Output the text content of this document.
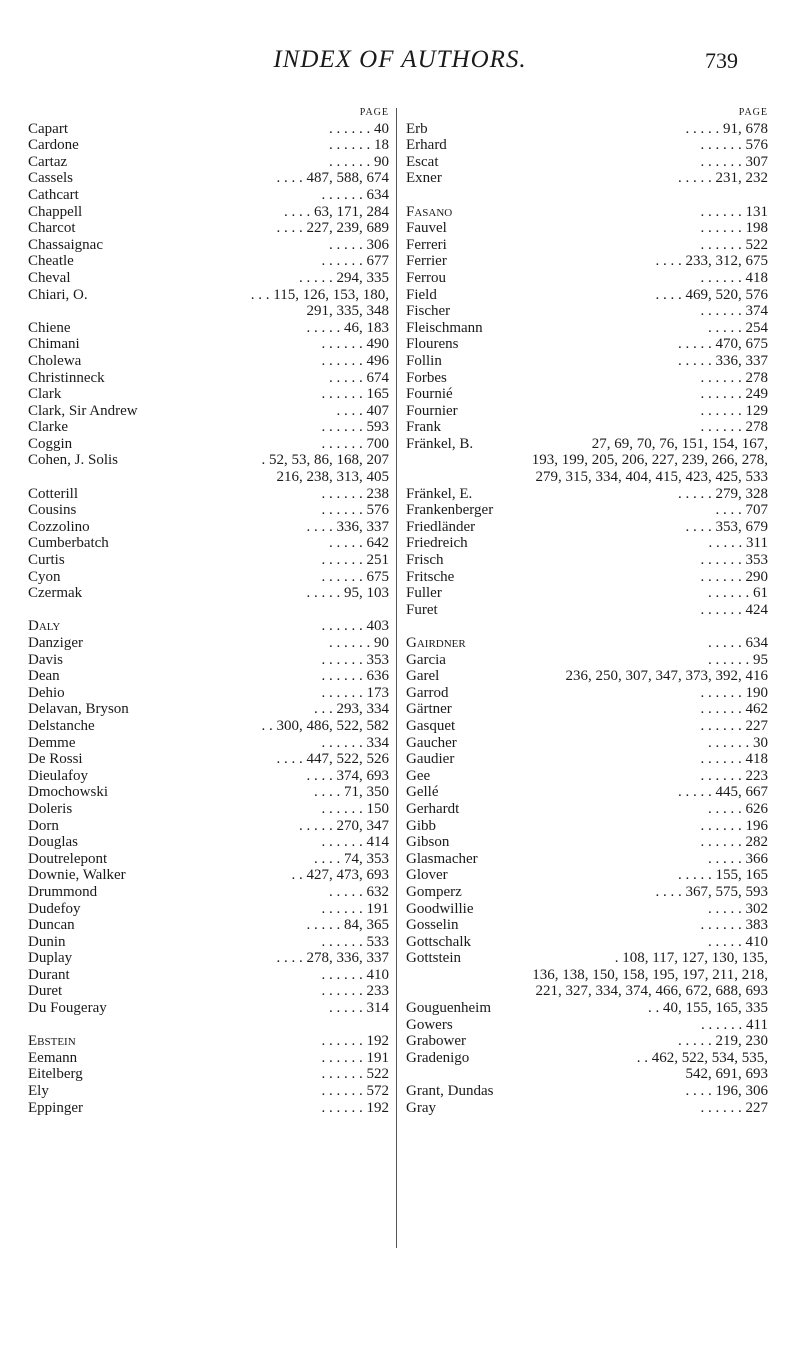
INDEX OF AUTHORS.	739
PAGE
Capart	. . . . . . 40
Cardone	. . . . . . 18
Cartaz	. . . . . . 90
Cassels	. . . . 487, 588, 674
Cathcart	. . . . . . 634
Chappell	. . . . 63, 171, 284
Charcot	. . . . 227, 239, 689
Chassaignac	. . . . . 306
Cheatle	. . . . . . 677
Cheval	. . . . . 294, 335
Chiari, O.	. . . 115, 126, 153, 180,
291, 335, 348
Chiene	. . . . . 46, 183
Chimani	. . . . . . 490
Cholewa	. . . . . . 496
Christinneck	. . . . . 674
Clark	. . . . . . 165
Clark, Sir Andrew	. . . . 407
Clarke	. . . . . . 593
Coggin	. . . . . . 700
Cohen, J. Solis	. 52, 53, 86, 168, 207
216, 238, 313, 405
Cotterill	. . . . . . 238
Cousins	. . . . . . 576
Cozzolino	. . . . 336, 337
Cumberbatch	. . . . . 642
Curtis	. . . . . . 251
Cyon	. . . . . . 675
Czermak	. . . . . 95, 103
Daly	. . . . . . 403
Danziger	. . . . . . 90
Davis	. . . . . . 353
Dean	. . . . . . 636
Dehio	. . . . . . 173
Delavan, Bryson	. . . 293, 334
Delstanche	. . 300, 486, 522, 582
Demme	. . . . . . 334
De Rossi	. . . . 447, 522, 526
Dieulafoy	. . . . 374, 693
Dmochowski	. . . . 71, 350
Doleris	. . . . . . 150
Dorn	. . . . . 270, 347
Douglas	. . . . . . 414
Doutrelepont	. . . . 74, 353
Downie, Walker	. . 427, 473, 693
Drummond	. . . . . 632
Dudefoy	. . . . . . 191
Duncan	. . . . . 84, 365
Dunin	. . . . . . 533
Duplay	. . . . 278, 336, 337
Durant	. . . . . . 410
Duret	. . . . . . 233
Du Fougeray	. . . . . 314
Ebstein	. . . . . . 192
Eemann	. . . . . . 191
Eitelberg	. . . . . . 522
Ely	. . . . . . 572
Eppinger	. . . . . . 192
PAGE
Erb	. . . . . 91, 678
Erhard	. . . . . . 576
Escat	. . . . . . 307
Exner	. . . . . 231, 232
Fasano	. . . . . . 131
Fauvel	. . . . . . 198
Ferreri	. . . . . . 522
Ferrier	. . . . 233, 312, 675
Ferrou	. . . . . . 418
Field	. . . . 469, 520, 576
Fischer	. . . . . . 374
Fleischmann	. . . . . 254
Flourens	. . . . . 470, 675
Follin	. . . . . 336, 337
Forbes	. . . . . . 278
Fournié	. . . . . . 249
Fournier	. . . . . . 129
Frank	. . . . . . 278
Fränkel, B.	27, 69, 70, 76, 151, 154, 167,
193, 199, 205, 206, 227, 239, 266, 278,
279, 315, 334, 404, 415, 423, 425, 533
Fränkel, E.	. . . . . 279, 328
Frankenberger	. . . . 707
Friedländer	. . . . 353, 679
Friedreich	. . . . . 311
Frisch	. . . . . . 353
Fritsche	. . . . . . 290
Fuller	. . . . . . 61
Furet	. . . . . . 424
Gairdner	. . . . . 634
Garcia	. . . . . . 95
Garel	236, 250, 307, 347, 373, 392, 416
Garrod	. . . . . . 190
Gärtner	. . . . . . 462
Gasquet	. . . . . . 227
Gaucher	. . . . . . 30
Gaudier	. . . . . . 418
Gee	. . . . . . 223
Gellé	. . . . . 445, 667
Gerhardt	. . . . . 626
Gibb	. . . . . . 196
Gibson	. . . . . . 282
Glasmacher	. . . . . 366
Glover	. . . . . 155, 165
Gomperz	. . . . 367, 575, 593
Goodwillie	. . . . . 302
Gosselin	. . . . . . 383
Gottschalk	. . . . . 410
Gottstein	. 108, 117, 127, 130, 135,
136, 138, 150, 158, 195, 197, 211, 218,
221, 327, 334, 374, 466, 672, 688, 693
Gouguenheim	. . 40, 155, 165, 335
Gowers	. . . . . . 411
Grabower	. . . . . 219, 230
Gradenigo	. . 462, 522, 534, 535,
542, 691, 693
Grant, Dundas	. . . . 196, 306
Gray	. . . . . . 227
